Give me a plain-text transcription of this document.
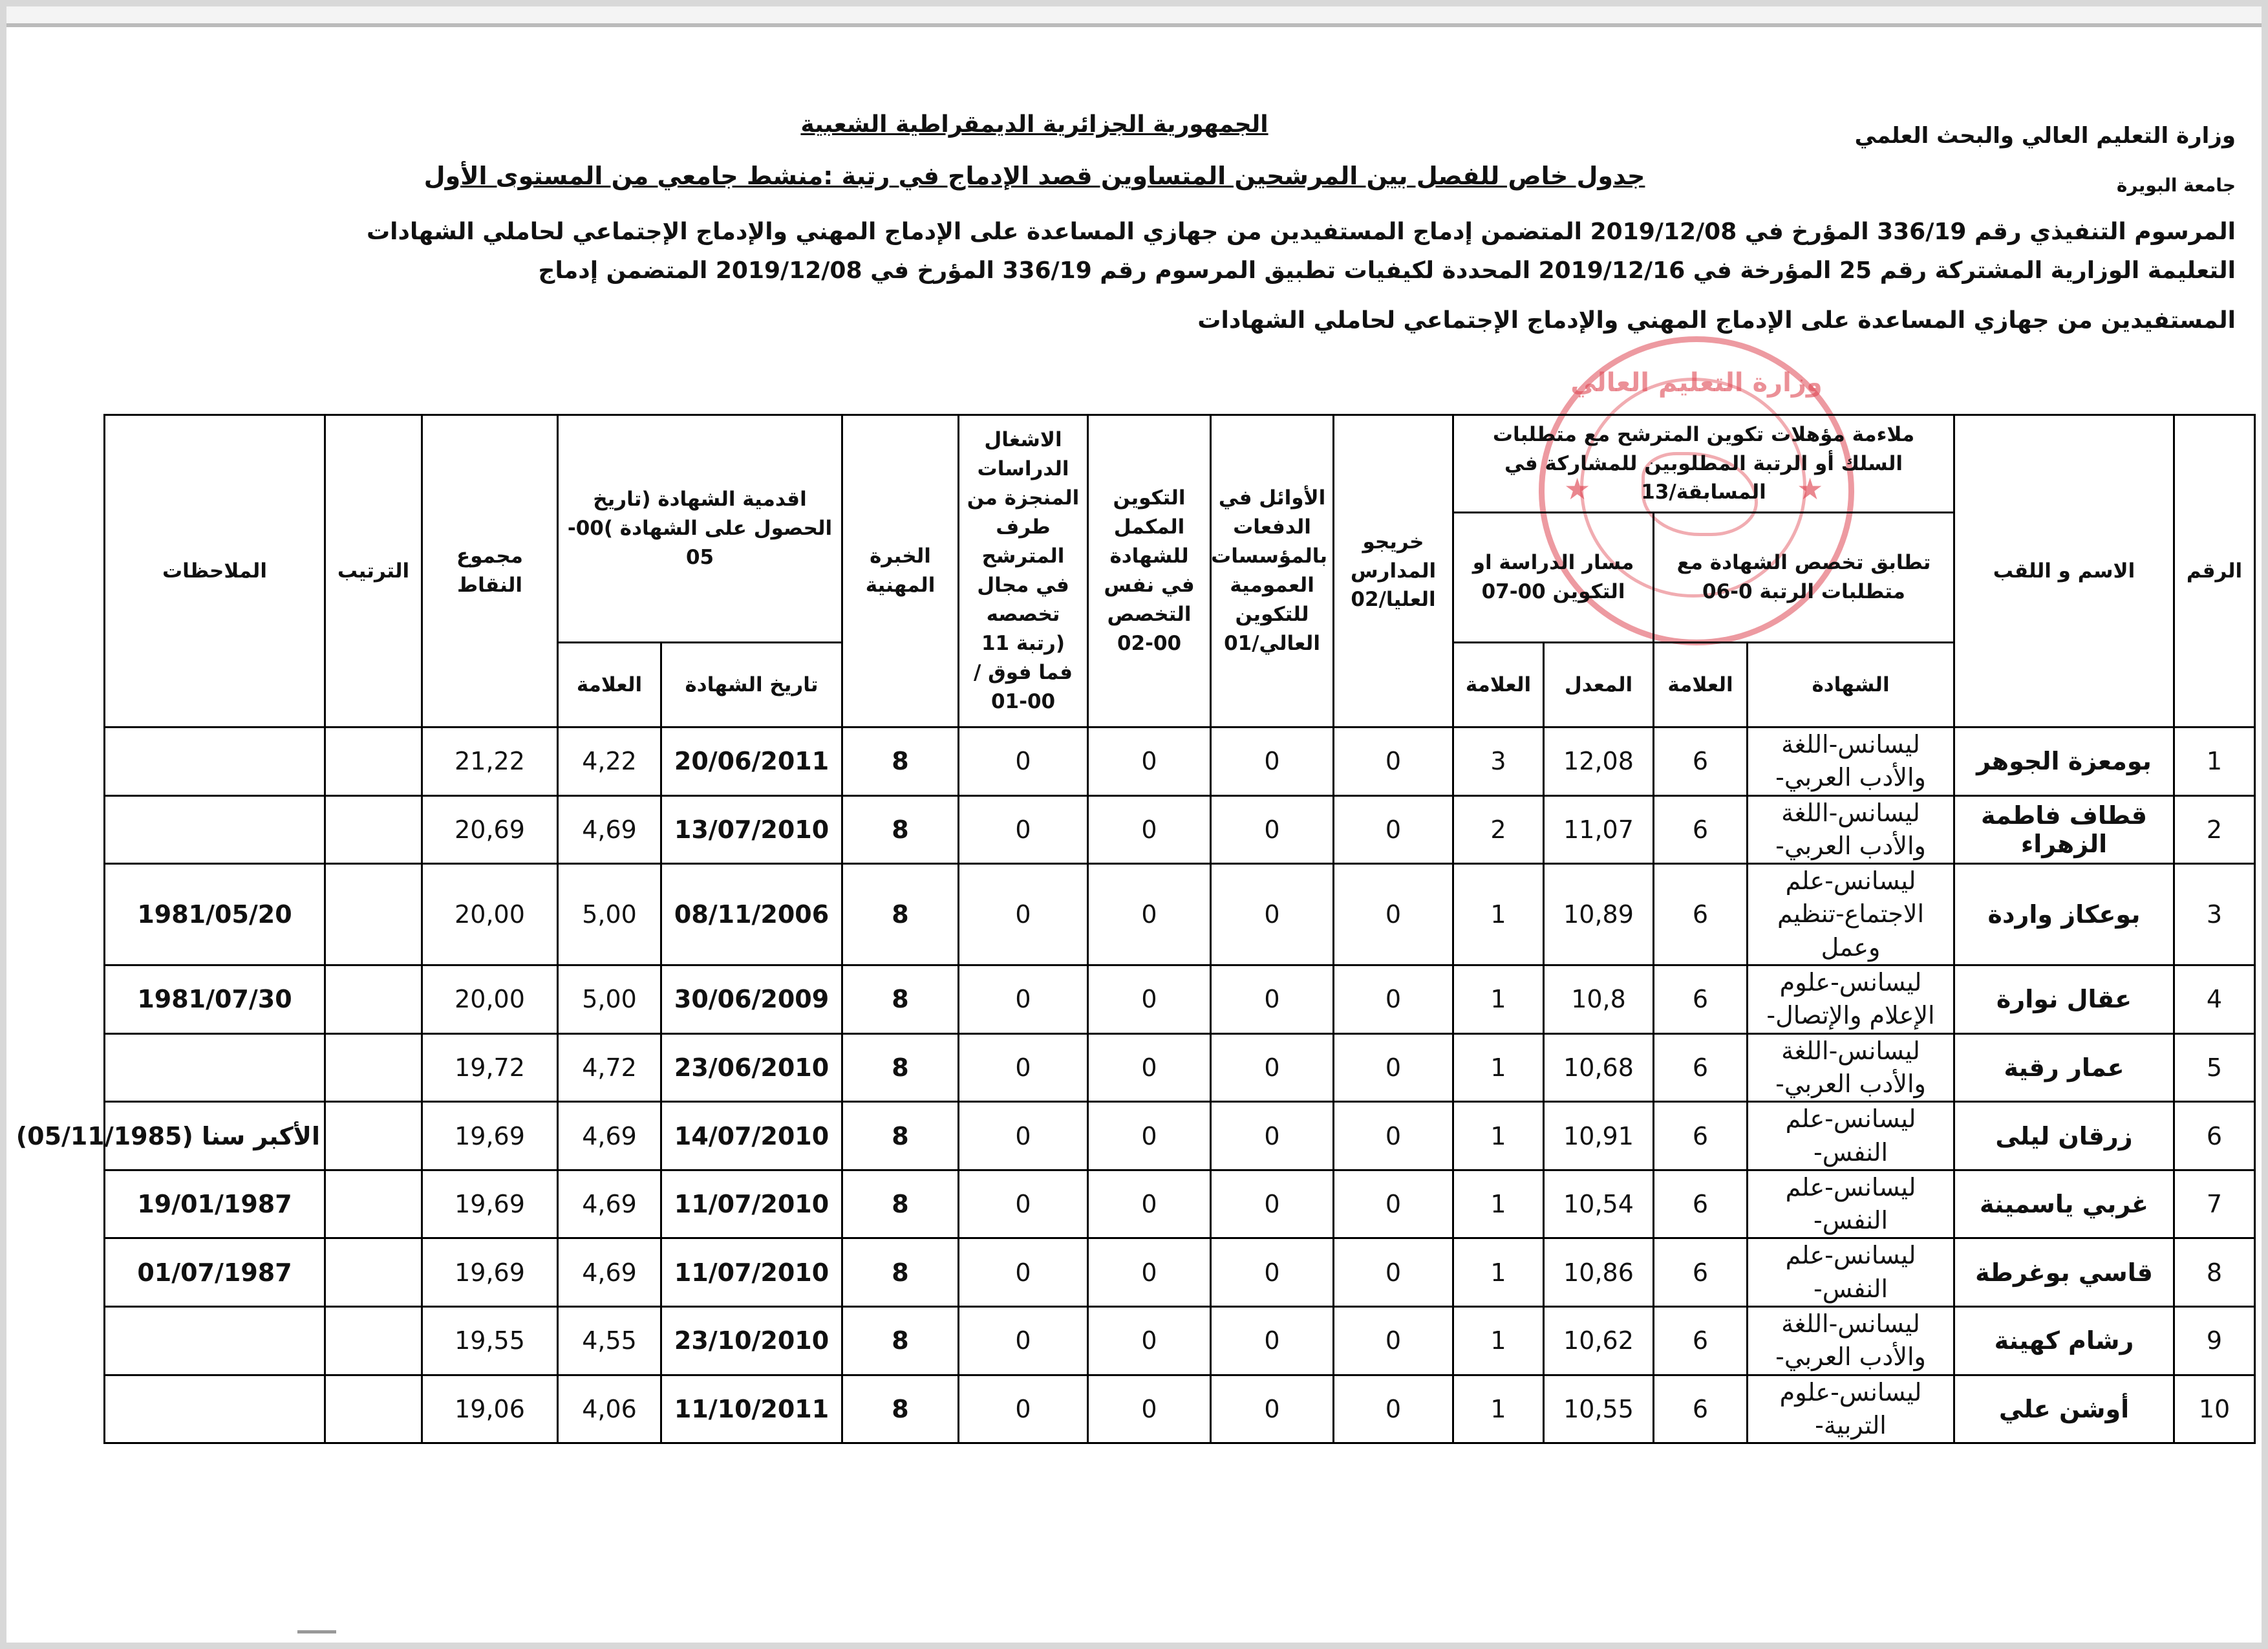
وزارة التعليم العالي والبحث العلمي
جامعة البويرة
الجمهورية الجزائرية الديمقراطية الشعبية
جدول خاص للفصل بين المرشحين المتساوين قصد الإدماج في رتبة :منشط جامعي من المستوى الأول
المرسوم التنفيذي رقم 336/19 المؤرخ في 2019/12/08 المتضمن إدماج المستفيدين من جهازي المساعدة على الإدماج المهني والإدماج الإجتماعي لحاملي الشهادات
التعليمة الوزارية المشتركة رقم 25 المؤرخة في 2019/12/16 المحددة لكيفيات تطبيق المرسوم رقم 336/19 المؤرخ في 2019/12/08 المتضمن إدماج
المستفيدين من جهازي المساعدة على الإدماج المهني والإدماج الإجتماعي لحاملي الشهادات
وزارة التعليم العالي
★	★
الرقم	الاسم و اللقب	ملاءمة مؤهلات تكوين المترشح مع متطلبات السلك أو الرتبة المطلوبين للمشاركة في المسابقة/13				خريجو المدارس العليا/02	الأوائل في الدفعات بالمؤسسات العمومية للتكوين العالي/01	التكوين المكمل للشهادة في نفس التخصص 00-02	الاشغال الدراسات المنجزة من طرف المترشح في مجال تخصصه (رتبة 11 فما فوق / 00-01	الخبرة المهنية	اقدمية الشهادة (تاريخ الحصول على الشهادة )00-05		مجموع النقاط	الترتيب	الملاحظات
		تطابق تخصص الشهادة مع متطلبات الرتبة 0-06		مسار الدراسة او التكوين 00-07											
		الشهادة	العلامة	المعدل	العلامة						تاريخ الشهادة	العلامة			
1	بومعزة الجوهر	ليسانس-اللغة والأدب العربي-	6	12,08	3	0	0	0	0	8	20/06/2011	4,22	21,22		
2	قطاف فاطمة الزهراء	ليسانس-اللغة والأدب العربي-	6	11,07	2	0	0	0	0	8	13/07/2010	4,69	20,69		
3	بوعكاز واردة	ليسانس-علم الاجتماع-تنظيم وعمل	6	10,89	1	0	0	0	0	8	08/11/2006	5,00	20,00		1981/05/20
4	عقال نوارة	ليسانس-علوم الإعلام والإتصال-	6	10,8	1	0	0	0	0	8	30/06/2009	5,00	20,00		1981/07/30
5	عمار رقية	ليسانس-اللغة والأدب العربي-	6	10,68	1	0	0	0	0	8	23/06/2010	4,72	19,72		
6	زرقان ليلى	ليسانس-علم النفس-	6	10,91	1	0	0	0	0	8	14/07/2010	4,69	19,69		الأكبر سنا (05/11/1985)
7	غربي ياسمينة	ليسانس-علم النفس-	6	10,54	1	0	0	0	0	8	11/07/2010	4,69	19,69		19/01/1987
8	قاسي بوغرطة	ليسانس-علم النفس-	6	10,86	1	0	0	0	0	8	11/07/2010	4,69	19,69		01/07/1987
9	رشام كهينة	ليسانس-اللغة والأدب العربي-	6	10,62	1	0	0	0	0	8	23/10/2010	4,55	19,55		
10	أوشن علي	ليسانس-علوم التربية-	6	10,55	1	0	0	0	0	8	11/10/2011	4,06	19,06		
